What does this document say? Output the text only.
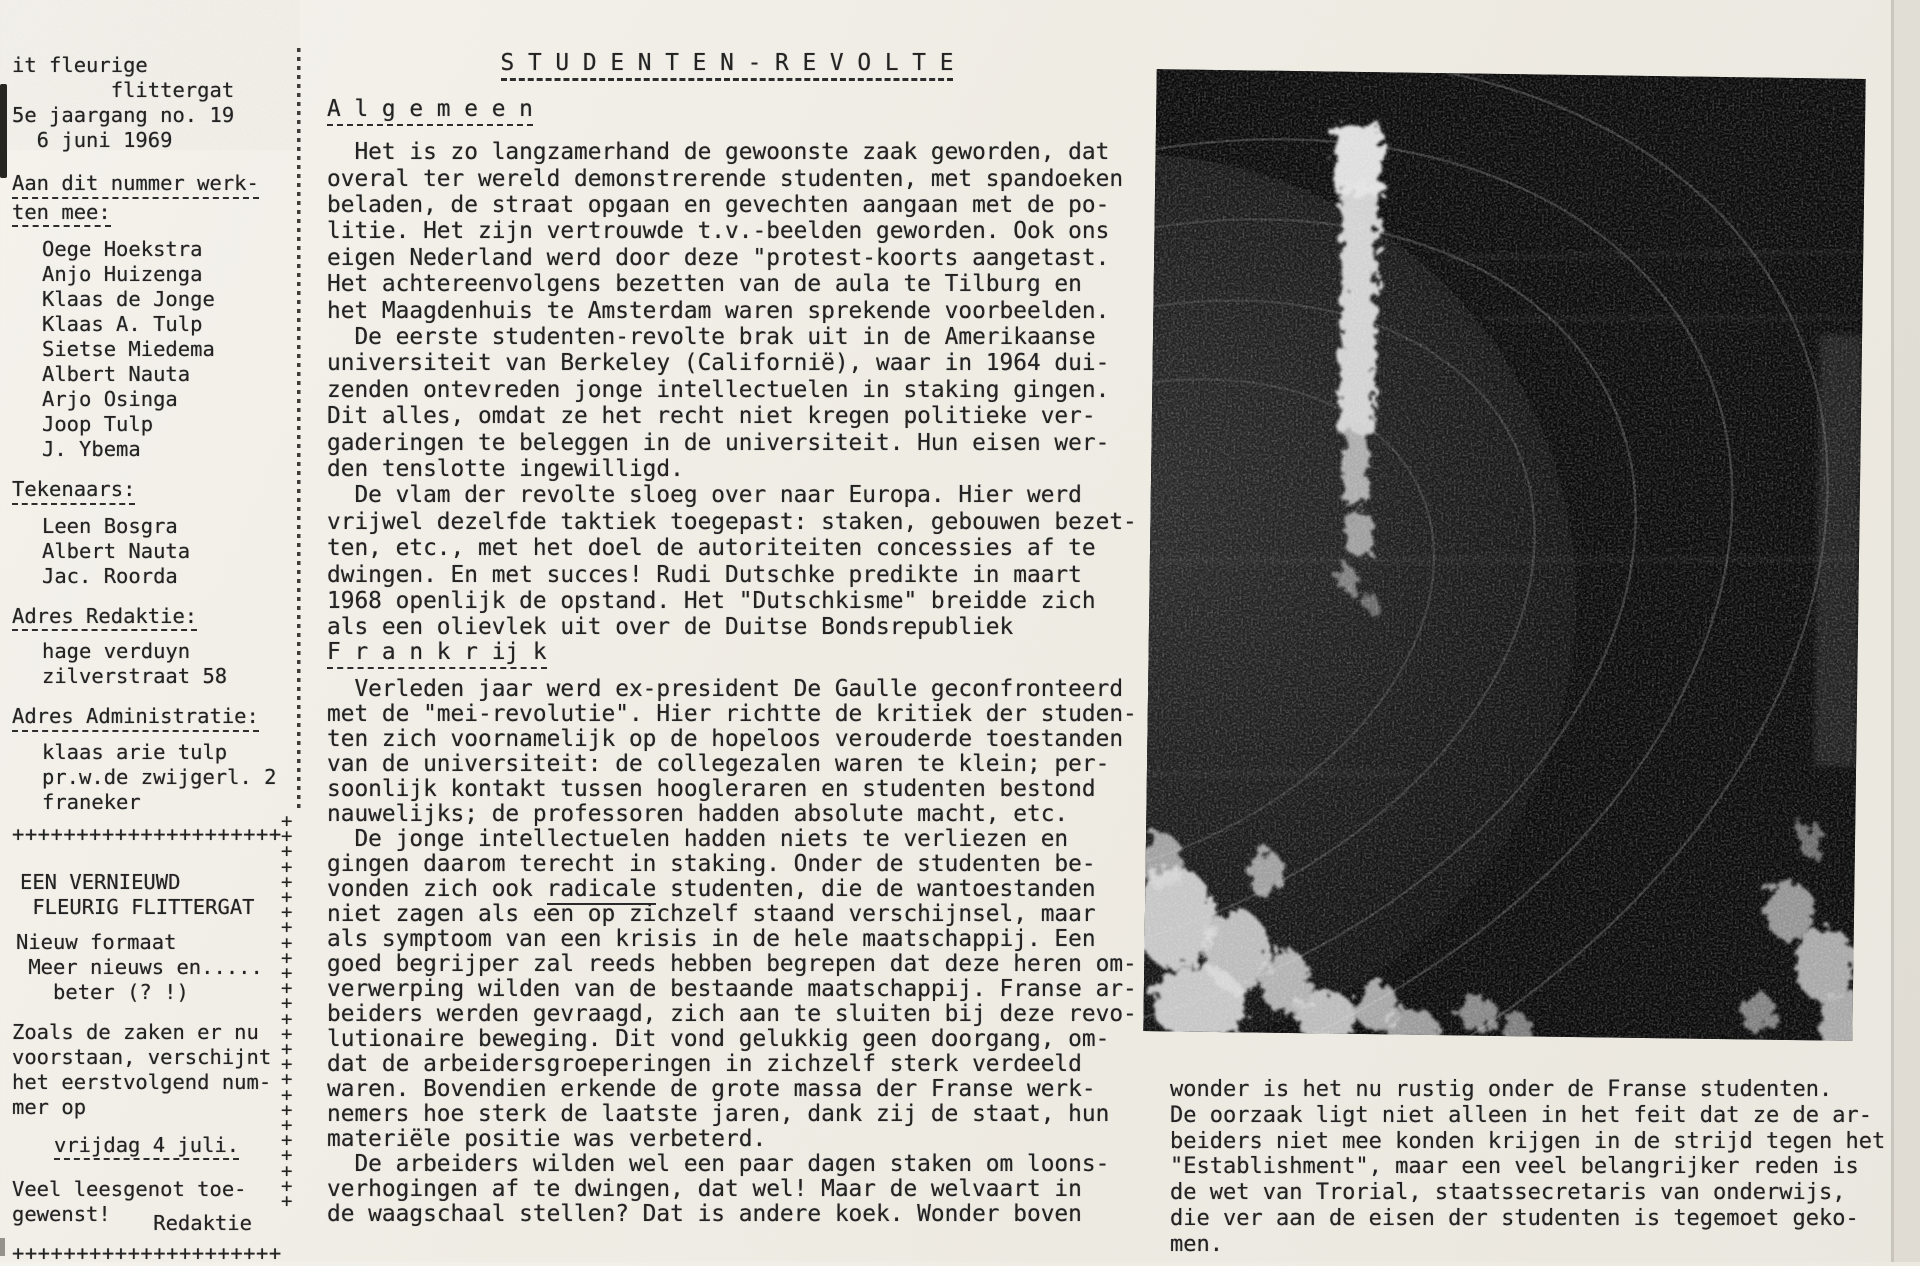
it fleurige
flittergat
5e jaargang no. 19
6 juni 1969
Aan dit nummer werk-
ten mee:
Oege Hoekstra
Anjo Huizenga
Klaas de Jonge
Klaas A. Tulp
Sietse Miedema
Albert Nauta
Arjo Osinga
Joop Tulp
J. Ybema
Tekenaars:
Leen Bosgra
Albert Nauta
Jac. Roorda
Adres Redaktie:
hage verduyn
zilverstraat 58
Adres Administratie:
klaas arie tulp
pr.w.de zwijgerl. 2
franeker
+++++++++++++++++++++
EEN VERNIEUWD
FLEURIG FLITTERGAT
Nieuw formaat
Meer nieuws en.....
beter (? !)
Zoals de zaken er nu
voorstaan, verschijnt
het eerstvolgend num-
mer op
vrijdag 4 juli.
Veel leesgenot toe-
gewenst! Redaktie
+++++++++++++++++++++
++++++++++++++++++++++++++
S T U D E N T E N - R E V O L T E
A l g e m e e n
Het is zo langzamerhand de gewoonste zaak geworden, dat
overal ter wereld demonstrerende studenten, met spandoeken
beladen, de straat opgaan en gevechten aangaan met de po-
litie. Het zijn vertrouwde t.v.-beelden geworden. Ook ons
eigen Nederland werd door deze "protest-koorts aangetast.
Het achtereenvolgens bezetten van de aula te Tilburg en
het Maagdenhuis te Amsterdam waren sprekende voorbeelden.
De eerste studenten-revolte brak uit in de Amerikaanse
universiteit van Berkeley (Californië), waar in 1964 dui-
zenden ontevreden jonge intellectuelen in staking gingen.
Dit alles, omdat ze het recht niet kregen politieke ver-
gaderingen te beleggen in de universiteit. Hun eisen wer-
den tenslotte ingewilligd.
De vlam der revolte sloeg over naar Europa. Hier werd
vrijwel dezelfde taktiek toegepast: staken, gebouwen bezet-
ten, etc., met het doel de autoriteiten concessies af te
dwingen. En met succes! Rudi Dutschke predikte in maart
1968 openlijk de opstand. Het "Dutschkisme" breidde zich
als een olievlek uit over de Duitse Bondsrepubliek
F r a n k r ij k
Verleden jaar werd ex-president De Gaulle geconfronteerd
met de "mei-revolutie". Hier richtte de kritiek der studen-
ten zich voornamelijk op de hopeloos verouderde toestanden
van de universiteit: de collegezalen waren te klein; per-
soonlijk kontakt tussen hoogleraren en studenten bestond
nauwelijks; de professoren hadden absolute macht, etc.
De jonge intellectuelen hadden niets te verliezen en
gingen daarom terecht in staking. Onder de studenten be-
vonden zich ook radicale studenten, die de wantoestanden
niet zagen als een op zichzelf staand verschijnsel, maar
als symptoom van een krisis in de hele maatschappij. Een
goed begrijper zal reeds hebben begrepen dat deze heren om-
verwerping wilden van de bestaande maatschappij. Franse ar-
beiders werden gevraagd, zich aan te sluiten bij deze revo-
lutionaire beweging. Dit vond gelukkig geen doorgang, om-
dat de arbeidersgroeperingen in zichzelf sterk verdeeld
waren. Bovendien erkende de grote massa der Franse werk-
nemers hoe sterk de laatste jaren, dank zij de staat, hun
materiële positie was verbeterd.
De arbeiders wilden wel een paar dagen staken om loons-
verhogingen af te dwingen, dat wel! Maar de welvaart in
de waagschaal stellen? Dat is andere koek. Wonder boven
wonder is het nu rustig onder de Franse studenten.
De oorzaak ligt niet alleen in het feit dat ze de ar-
beiders niet mee konden krijgen in de strijd tegen het
"Establishment", maar een veel belangrijker reden is
de wet van Trorial, staatssecretaris van onderwijs,
die ver aan de eisen der studenten is tegemoet geko-
men.
